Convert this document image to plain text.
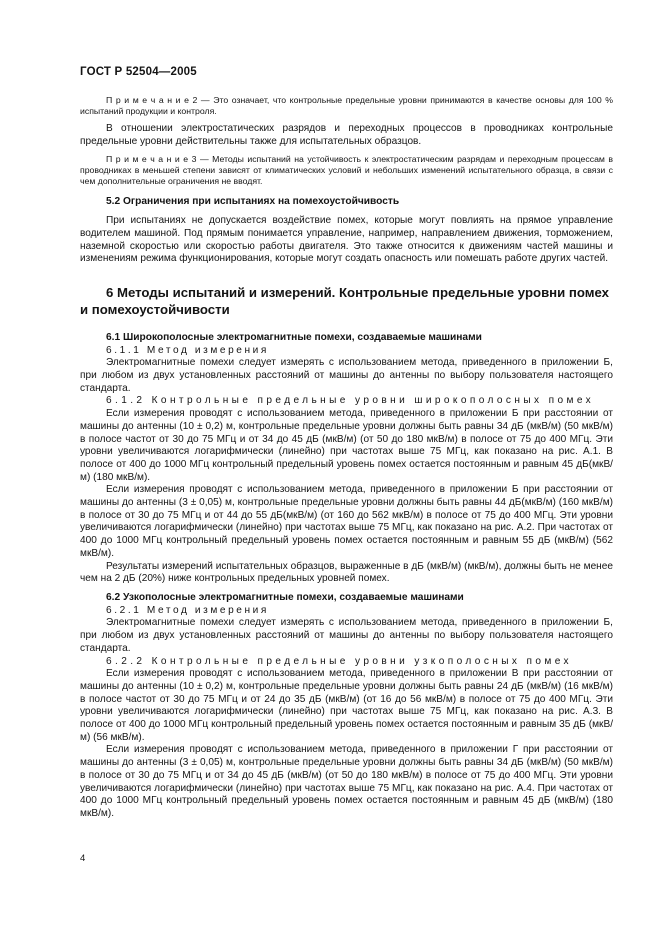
ГОСТ Р 52504—2005

П р и м е ч а н и е 2 — Это означает, что контрольные предельные уровни принимаются в качестве основы для 100 % испытаний продукции и контроля.

В отношении электростатических разрядов и переходных процессов в проводниках контрольные предельные уровни действительны также для испытательных образцов.

П р и м е ч а н и е 3 — Методы испытаний на устойчивость к электростатическим разрядам и переходным процессам в проводниках в меньшей степени зависят от климатических условий и небольших изменений испытательного образца, в связи с чем дополнительные ограничения не вводят.

5.2 Ограничения при испытаниях на помехоустойчивость

При испытаниях не допускается воздействие помех, которые могут повлиять на прямое управление водителем машиной. Под прямым понимается управление, например, направлением движения, торможением, наземной скоростью или скоростью работы двигателя. Это также относится к движениям частей машины и изменениям режима функционирования, которые могут создать опасность или помешать работе других частей.

6 Методы испытаний и измерений. Контрольные предельные уровни помех и помехоустойчивости

6.1 Широкополосные электромагнитные помехи, создаваемые машинами

6.1.1 Метод измерения

Электромагнитные помехи следует измерять с использованием метода, приведенного в приложении Б, при любом из двух установленных расстояний от машины до антенны по выбору пользователя настоящего стандарта.

6.1.2 Контрольные предельные уровни широкополосных помех

Если измерения проводят с использованием метода, приведенного в приложении Б при расстоянии от машины до антенны (10 ± 0,2) м, контрольные предельные уровни должны быть равны 34 дБ (мкВ/м) (50 мкВ/м) в полосе частот от 30 до 75 МГц и от 34 до 45 дБ (мкВ/м) (от 50 до 180 мкВ/м) в полосе от 75 до 400 МГц. Эти уровни увеличиваются логарифмически (линейно) при частотах выше 75 МГц, как показано на рис. А.1. В полосе от 400 до 1000 МГц контрольный предельный уровень помех остается постоянным и равным 45 дБ(мкВ/м) (180 мкВ/м).

Если измерения проводят с использованием метода, приведенного в приложении Б при расстоянии от машины до антенны (3 ± 0,05) м, контрольные предельные уровни должны быть равны 44 дБ(мкВ/м) (160 мкВ/м) в полосе от 30 до 75 МГц и от 44 до 55 дБ(мкВ/м) (от 160 до 562 мкВ/м) в полосе от 75 до 400 МГц. Эти уровни увеличиваются логарифмически (линейно) при частотах выше 75 МГц, как показано на рис. А.2. При частотах от 400 до 1000 МГц контрольный предельный уровень помех остается постоянным и равным 55 дБ (мкВ/м) (562 мкВ/м).

Результаты измерений испытательных образцов, выраженные в дБ (мкВ/м) (мкВ/м), должны быть не менее чем на 2 дБ (20%) ниже контрольных предельных уровней помех.

6.2 Узкополосные электромагнитные помехи, создаваемые машинами

6.2.1 Метод измерения

Электромагнитные помехи следует измерять с использованием метода, приведенного в приложении Б, при любом из двух установленных расстояний от машины до антенны по выбору пользователя настоящего стандарта.

6.2.2 Контрольные предельные уровни узкополосных помех

Если измерения проводят с использованием метода, приведенного в приложении В при расстоянии от машины до антенны (10 ± 0,2) м, контрольные предельные уровни должны быть равны 24 дБ (мкВ/м) (16 мкВ/м) в полосе частот от 30 до 75 МГц и от 24 до 35 дБ (мкВ/м) (от 16 до 56 мкВ/м) в полосе от 75 до 400 МГц. Эти уровни увеличиваются логарифмически (линейно) при частотах выше 75 МГц, как показано на рис. А.3. В полосе от 400 до 1000 МГц контрольный предельный уровень помех остается постоянным и равным 35 дБ (мкВ/м) (56 мкВ/м).

Если измерения проводят с использованием метода, приведенного в приложении Г при расстоянии от машины до антенны (3 ± 0,05) м, контрольные предельные уровни должны быть равны 34 дБ (мкВ/м) (50 мкВ/м) в полосе от 30 до 75 МГц и от 34 до 45 дБ (мкВ/м) (от 50 до 180 мкВ/м) в полосе от 75 до 400 МГц. Эти уровни увеличиваются логарифмически (линейно) при частотах выше 75 МГц, как показано на рис. А.4. При частотах от 400 до 1000 МГц контрольный предельный уровень помех остается постоянным и равным 45 дБ (мкВ/м) (180 мкВ/м).

4
